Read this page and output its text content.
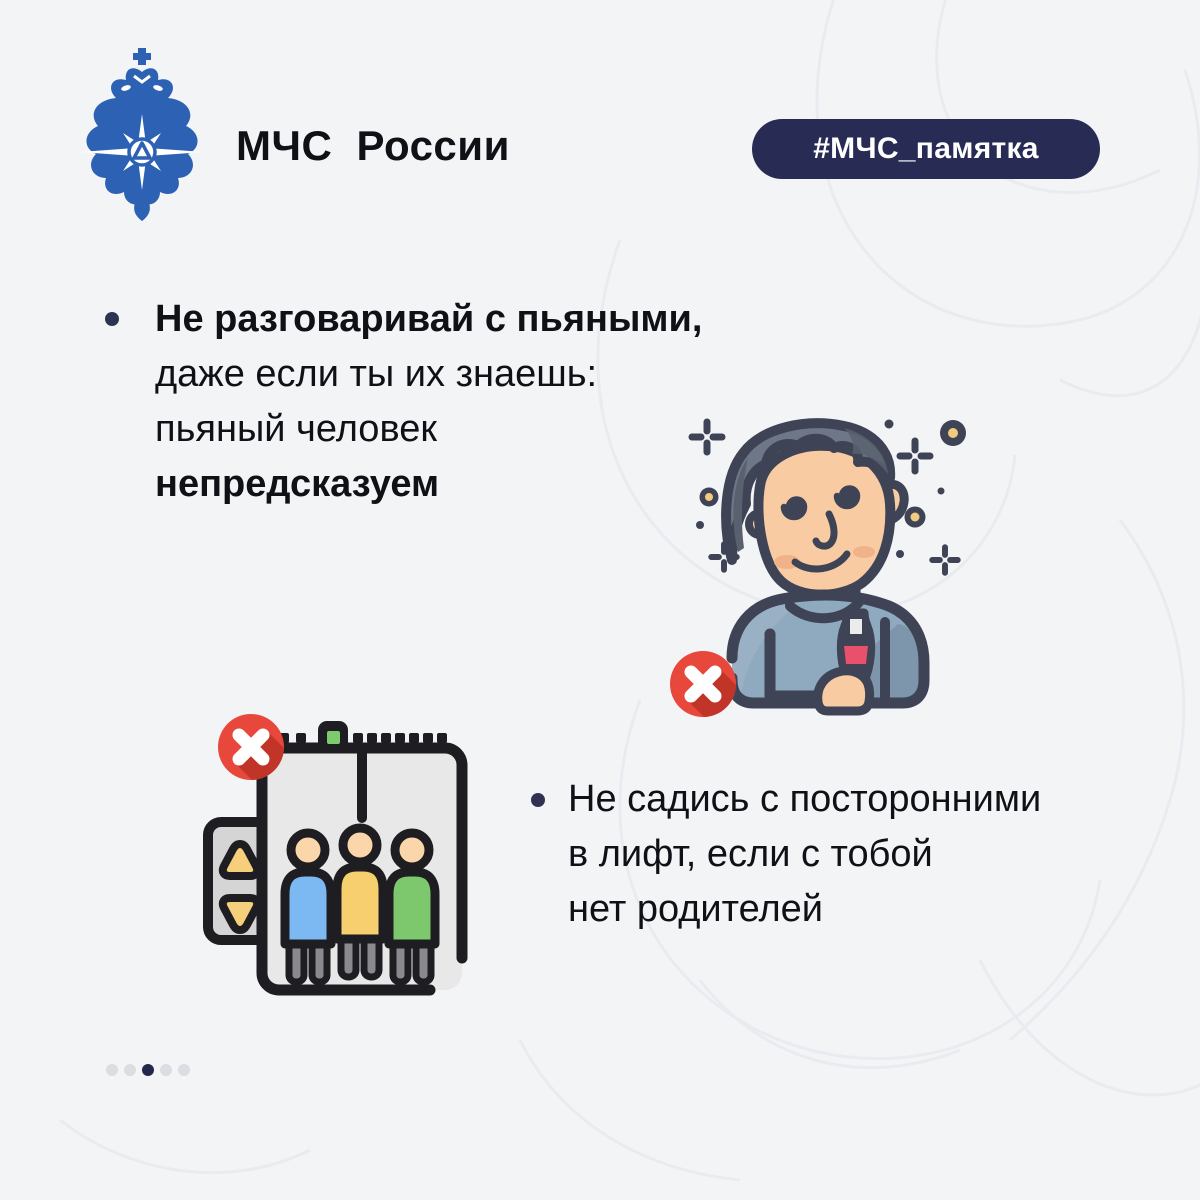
МЧС России	#МЧС_памятка
Не разговаривай с пьяными,
даже если ты их знаешь:
пьяный человек
непредсказуем
Не садись с посторонними
в лифт, если с тобой
нет родителей
